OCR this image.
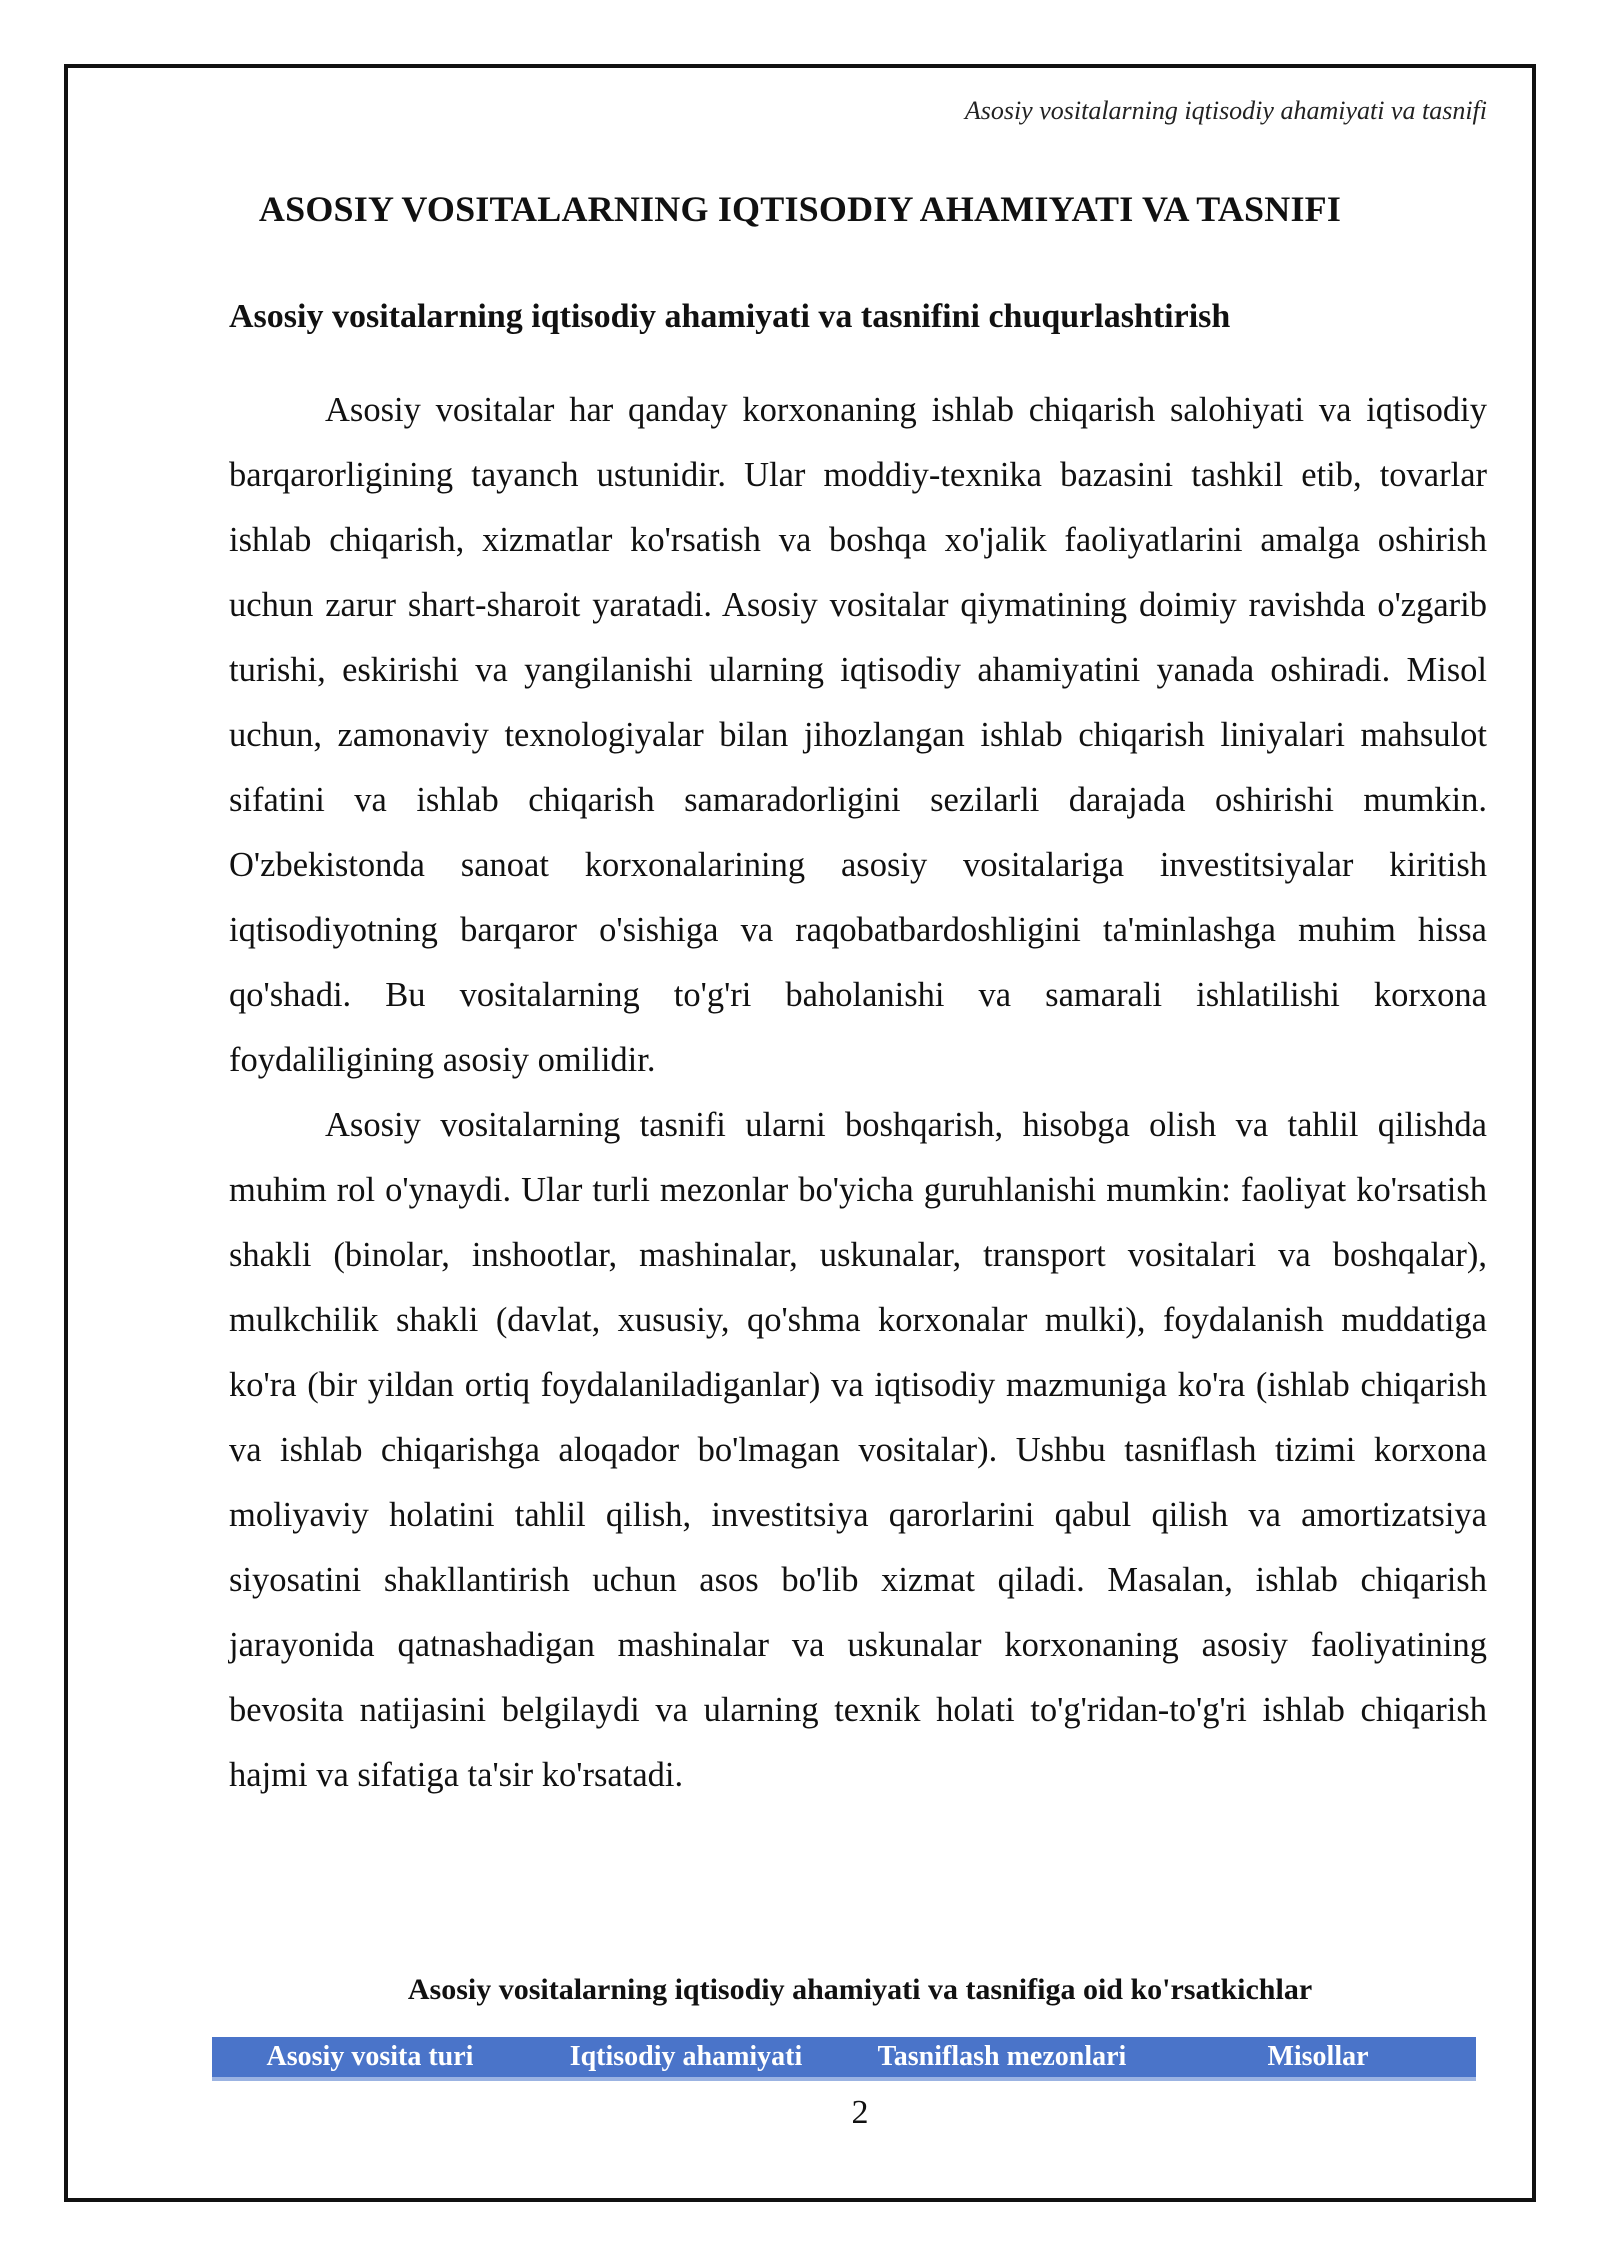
Asosiy vositalarning iqtisodiy ahamiyati va tasnifi
ASOSIY VOSITALARNING IQTISODIY AHAMIYATI VA TASNIFI
Asosiy vositalarning iqtisodiy ahamiyati va tasnifini chuqurlashtirish

Asosiy vositalar har qanday korxonaning ishlab chiqarish salohiyati va iqtisodiy barqarorligining tayanch ustunidir. Ular moddiy-texnika bazasini tashkil etib, tovarlar ishlab chiqarish, xizmatlar ko'rsatish va boshqa xo'jalik faoliyatlarini amalga oshirish uchun zarur shart-sharoit yaratadi. Asosiy vositalar qiymatining doimiy ravishda o'zgarib turishi, eskirishi va yangilanishi ularning iqtisodiy ahamiyatini yanada oshiradi. Misol uchun, zamonaviy texnologiyalar bilan jihozlangan ishlab chiqarish liniyalari mahsulot sifatini va ishlab chiqarish samaradorligini sezilarli darajada oshirishi mumkin. O'zbekistonda sanoat korxonalarining asosiy vositalariga investitsiyalar kiritish iqtisodiyotning barqaror o'sishiga va raqobatbardoshligini ta'minlashga muhim hissa qo'shadi. Bu vositalarning to'g'ri baholanishi va samarali ishlatilishi korxona foydaliligining asosiy omilidir.

Asosiy vositalarning tasnifi ularni boshqarish, hisobga olish va tahlil qilishda muhim rol o'ynaydi. Ular turli mezonlar bo'yicha guruhlanishi mumkin: faoliyat ko'rsatish shakli (binolar, inshootlar, mashinalar, uskunalar, transport vositalari va boshqalar), mulkchilik shakli (davlat, xususiy, qo'shma korxonalar mulki), foydalanish muddatiga ko'ra (bir yildan ortiq foydalaniladiganlar) va iqtisodiy mazmuniga ko'ra (ishlab chiqarish va ishlab chiqarishga aloqador bo'lmagan vositalar). Ushbu tasniflash tizimi korxona moliyaviy holatini tahlil qilish, investitsiya qarorlarini qabul qilish va amortizatsiya siyosatini shakllantirish uchun asos bo'lib xizmat qiladi. Masalan, ishlab chiqarish jarayonida qatnashadigan mashinalar va uskunalar korxonaning asosiy faoliyatining bevosita natijasini belgilaydi va ularning texnik holati to'g'ridan-to'g'ri ishlab chiqarish hajmi va sifatiga ta'sir ko'rsatadi.

Asosiy vositalarning iqtisodiy ahamiyati va tasnifiga oid ko'rsatkichlar
Asosiy vosita turi	Iqtisodiy ahamiyati	Tasniflash mezonlari	Misollar
2
